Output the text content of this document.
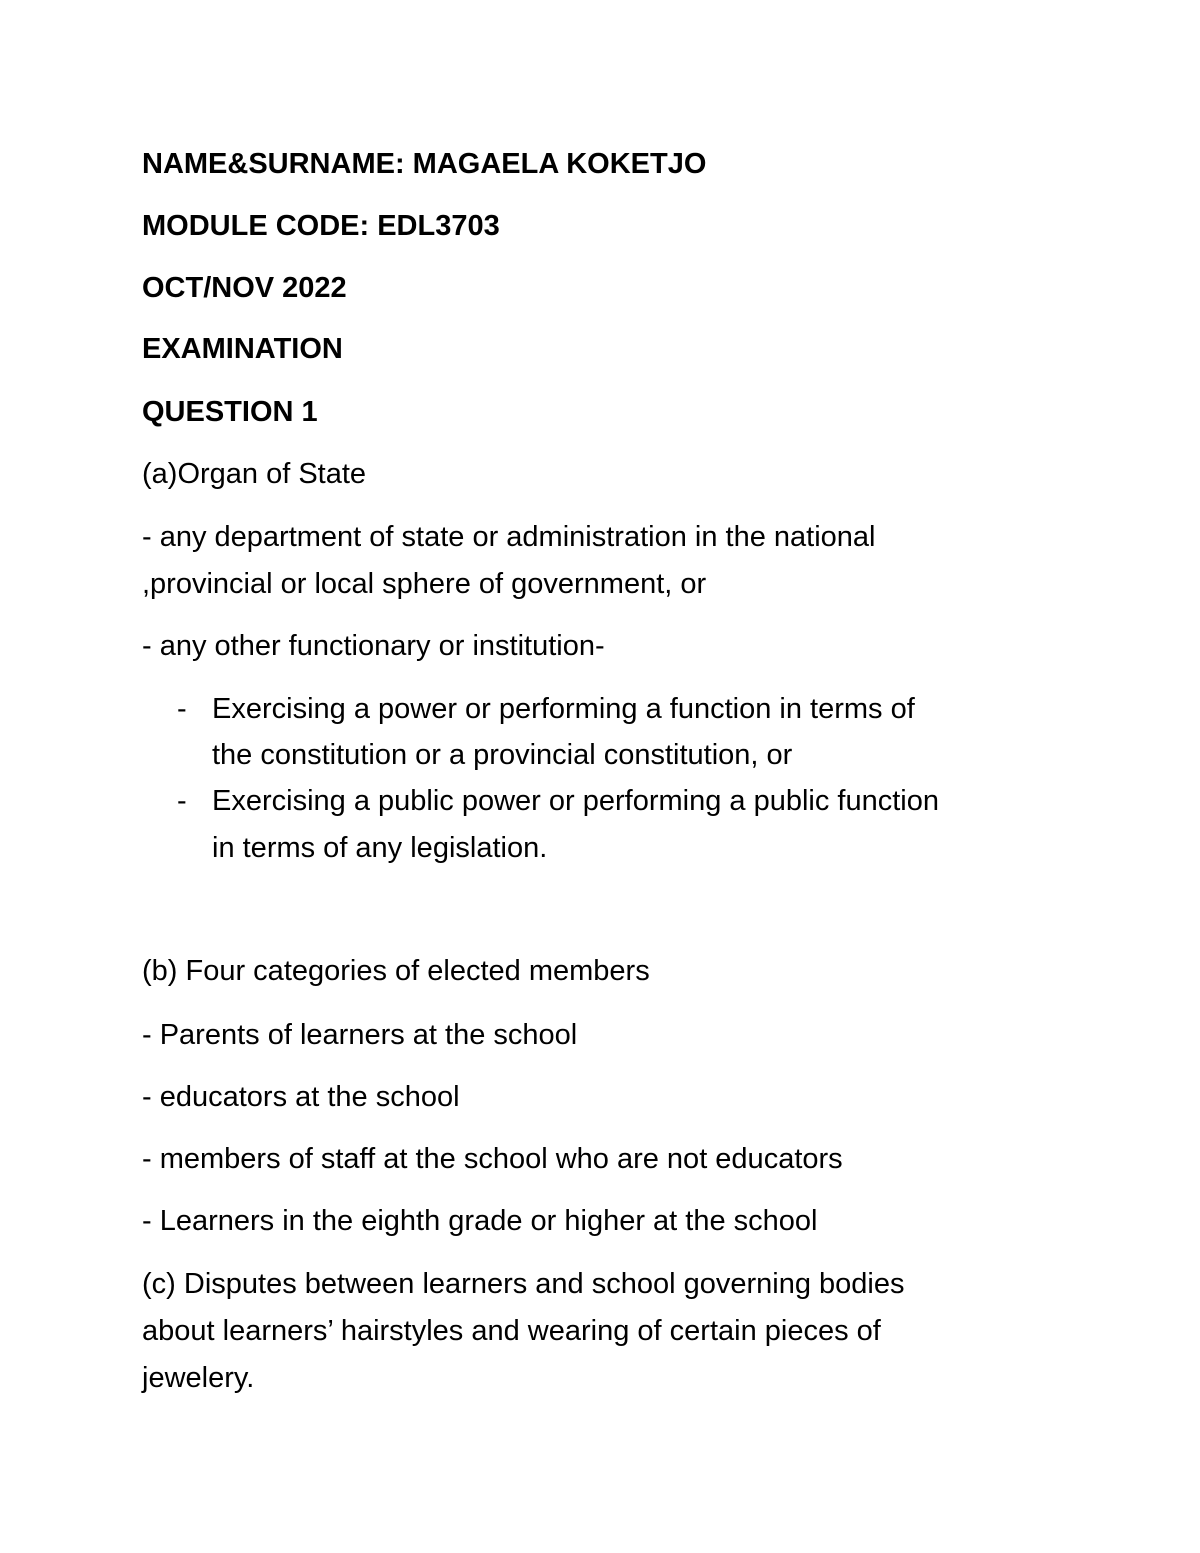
NAME&SURNAME: MAGAELA KOKETJO

MODULE CODE: EDL3703

OCT/NOV 2022

EXAMINATION

QUESTION 1

(a)Organ of State

- any department of state or administration in the national

,provincial or local sphere of government, or

- any other functionary or institution-

- Exercising a power or performing a function in terms of

the constitution or a provincial constitution, or

- Exercising a public power or performing a public function

in terms of any legislation.

(b) Four categories of elected members

- Parents of learners at the school

- educators at the school

- members of staff at the school who are not educators

- Learners in the eighth grade or higher at the school

(c) Disputes between learners and school governing bodies

about learners’ hairstyles and wearing of certain pieces of

jewelery.
